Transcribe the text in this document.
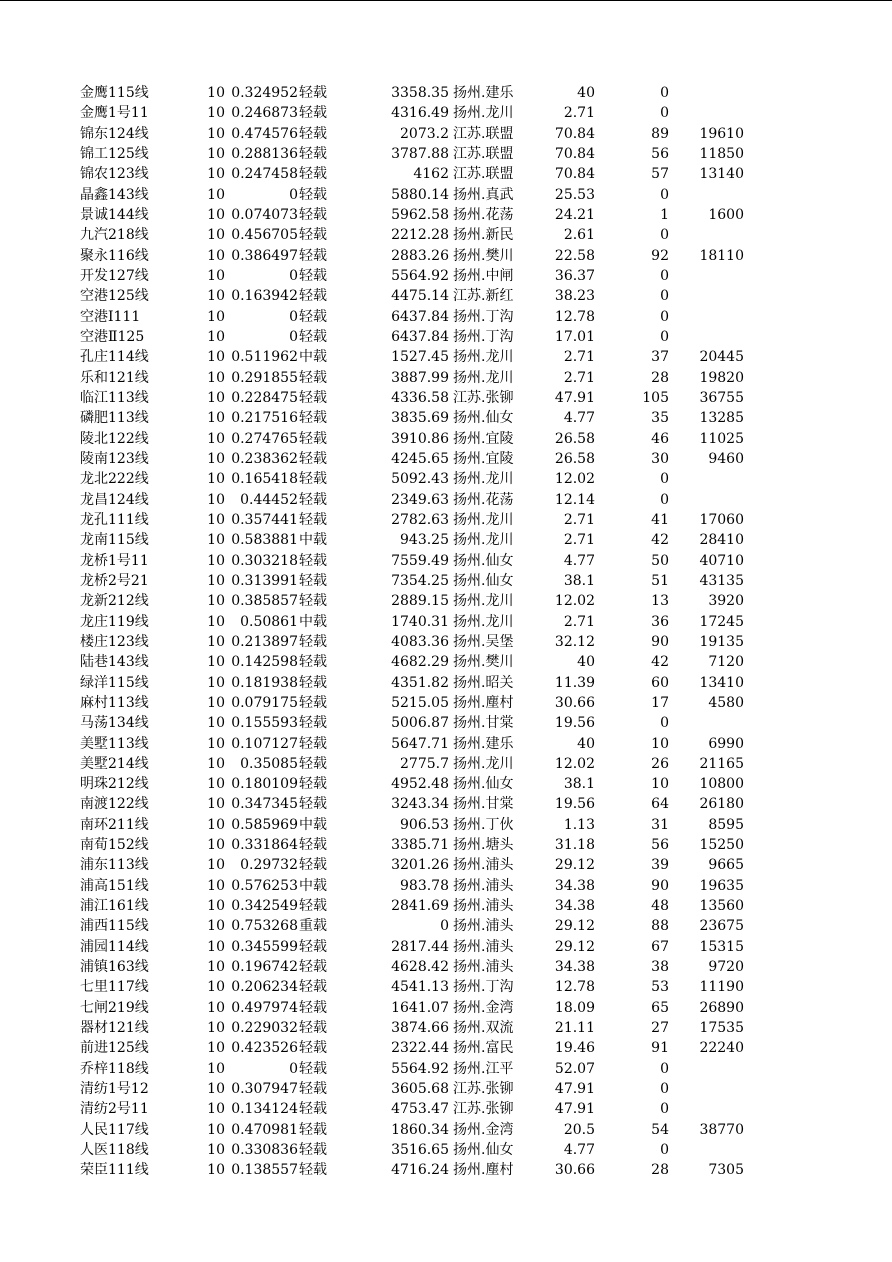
金鹰115线	10 0.324952 轻载	3358.35 扬州.建乐	40	0
金鹰1号11	10 0.246873 轻载	4316.49 扬州.龙川	2.71	0
锦东124线	10 0.474576 轻载	2073.2 江苏.联盟	70.84	89	19610
锦工125线	10 0.288136 轻载	3787.88 江苏.联盟	70.84	56	11850
锦农123线	10 0.247458 轻载	4162 江苏.联盟	70.84	57	13140
晶鑫143线	10	0 轻载	5880.14 扬州.真武	25.53	0
景诚144线	10 0.074073 轻载	5962.58 扬州.花荡	24.21	1	1600
九汽218线	10 0.456705 轻载	2212.28 扬州.新民	2.61	0
聚永116线	10 0.386497 轻载	2883.26 扬州.樊川	22.58	92	18110
开发127线	10	0 轻载	5564.92 扬州.中闸	36.37	0
空港125线	10 0.163942 轻载	4475.14 江苏.新红	38.23	0
空港Ⅰ111	10	0 轻载	6437.84 扬州.丁沟	12.78	0
空港Ⅱ125	10	0 轻载	6437.84 扬州.丁沟	17.01	0
孔庄114线	10 0.511962 中载	1527.45 扬州.龙川	2.71	37	20445
乐和121线	10 0.291855 轻载	3887.99 扬州.龙川	2.71	28	19820
临江113线	10 0.228475 轻载	4336.58 江苏.张铆	47.91	105	36755
磷肥113线	10 0.217516 轻载	3835.69 扬州.仙女	4.77	35	13285
陵北122线	10 0.274765 轻载	3910.86 扬州.宜陵	26.58	46	11025
陵南123线	10 0.238362 轻载	4245.65 扬州.宜陵	26.58	30	9460
龙北222线	10 0.165418 轻载	5092.43 扬州.龙川	12.02	0
龙昌124线	10	0.44452 轻载	2349.63 扬州.花荡	12.14	0
龙孔111线	10 0.357441 轻载	2782.63 扬州.龙川	2.71	41	17060
龙南115线	10 0.583881 中载	943.25 扬州.龙川	2.71	42	28410
龙桥1号11	10 0.303218 轻载	7559.49 扬州.仙女	4.77	50	40710
龙桥2号21	10 0.313991 轻载	7354.25 扬州.仙女	38.1	51	43135
龙新212线	10 0.385857 轻载	2889.15 扬州.龙川	12.02	13	3920
龙庄119线	10	0.50861 中载	1740.31 扬州.龙川	2.71	36	17245
楼庄123线	10 0.213897 轻载	4083.36 扬州.吴堡	32.12	90	19135
陆巷143线	10 0.142598 轻载	4682.29 扬州.樊川	40	42	7120
绿洋115线	10 0.181938 轻载	4351.82 扬州.昭关	11.39	60	13410
麻村113线	10 0.079175 轻载	5215.05 扬州.塵村	30.66	17	4580
马荡134线	10 0.155593 轻载	5006.87 扬州.甘棠	19.56	0
美墅113线	10 0.107127 轻载	5647.71 扬州.建乐	40	10	6990
美墅214线	10	0.35085 轻载	2775.7 扬州.龙川	12.02	26	21165
明珠212线	10 0.180109 轻载	4952.48 扬州.仙女	38.1	10	10800
南渡122线	10 0.347345 轻载	3243.34 扬州.甘棠	19.56	64	26180
南环211线	10 0.585969 中载	906.53 扬州.丁伙	1.13	31	8595
南荀152线	10 0.331864 轻载	3385.71 扬州.塘头	31.18	56	15250
浦东113线	10	0.29732 轻载	3201.26 扬州.浦头	29.12	39	9665
浦高151线	10 0.576253 中载	983.78 扬州.浦头	34.38	90	19635
浦江161线	10 0.342549 轻载	2841.69 扬州.浦头	34.38	48	13560
浦西115线	10 0.753268 重载	0 扬州.浦头	29.12	88	23675
浦园114线	10 0.345599 轻载	2817.44 扬州.浦头	29.12	67	15315
浦镇163线	10 0.196742 轻载	4628.42 扬州.浦头	34.38	38	9720
七里117线	10 0.206234 轻载	4541.13 扬州.丁沟	12.78	53	11190
七闸219线	10 0.497974 轻载	1641.07 扬州.金湾	18.09	65	26890
器材121线	10 0.229032 轻载	3874.66 扬州.双流	21.11	27	17535
前进125线	10 0.423526 轻载	2322.44 扬州.富民	19.46	91	22240
乔梓118线	10	0 轻载	5564.92 扬州.江平	52.07	0
清纺1号12	10 0.307947 轻载	3605.68 江苏.张铆	47.91	0
清纺2号11	10 0.134124 轻载	4753.47 江苏.张铆	47.91	0
人民117线	10 0.470981 轻载	1860.34 扬州.金湾	20.5	54	38770
人医118线	10 0.330836 轻载	3516.65 扬州.仙女	4.77	0
荣臣111线	10 0.138557 轻载	4716.24 扬州.塵村	30.66	28	7305
